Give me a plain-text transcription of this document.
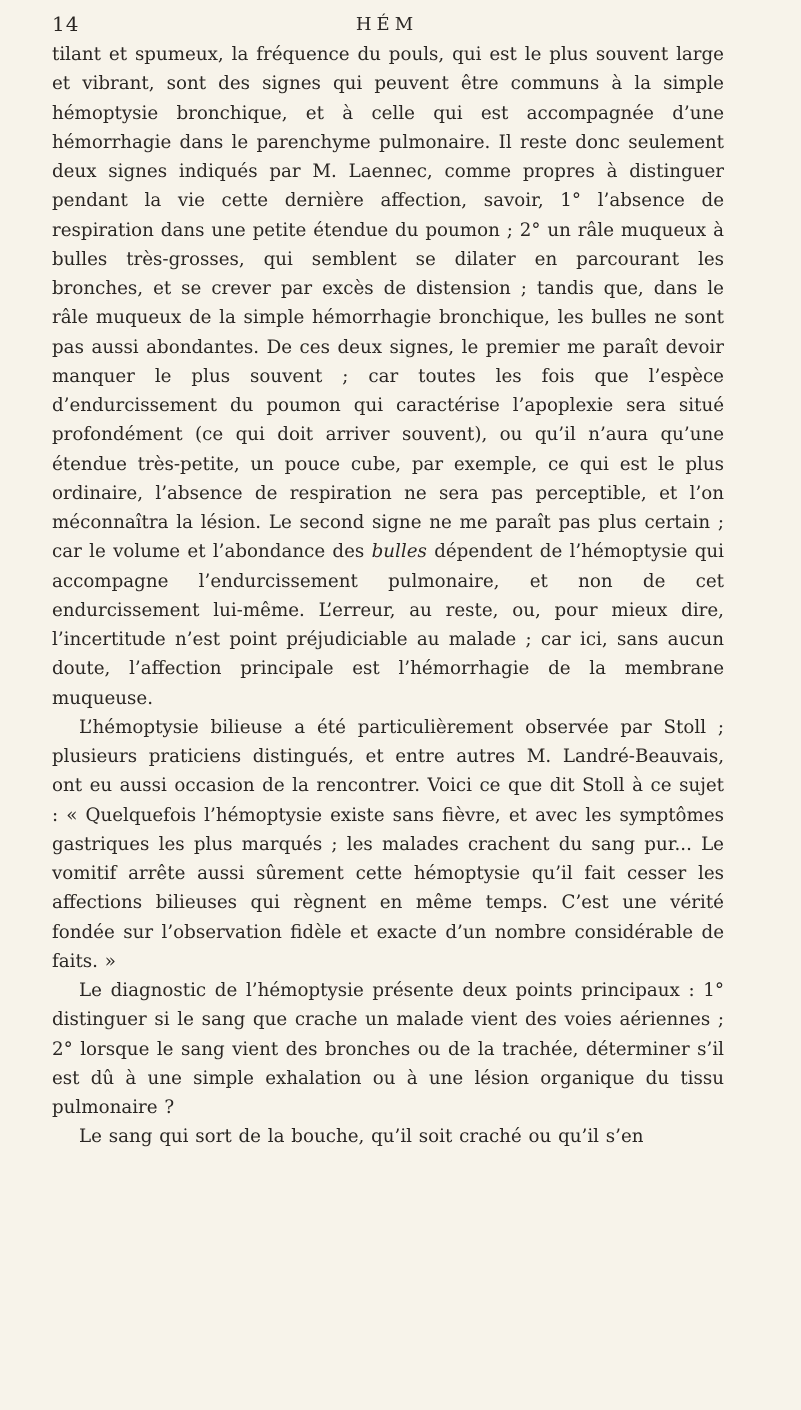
14	HÉM

tilant et spumeux, la fréquence du pouls, qui est le plus souvent large et vibrant, sont des signes qui peuvent être communs à la simple hémoptysie bronchique, et à celle qui est accompagnée d’une hémorrhagie dans le parenchyme pulmonaire. Il reste donc seulement deux signes indiqués par M. Laennec, comme propres à distinguer pendant la vie cette dernière affection, savoir, 1° l’absence de respiration dans une petite étendue du poumon ; 2° un râle muqueux à bulles très-grosses, qui semblent se dilater en parcourant les bronches, et se crever par excès de distension ; tandis que, dans le râle muqueux de la simple hémorrhagie bronchique, les bulles ne sont pas aussi abondantes. De ces deux signes, le premier me paraît devoir manquer le plus souvent ; car toutes les fois que l’espèce d’endurcissement du poumon qui caractérise l’apoplexie sera situé profondément (ce qui doit arriver souvent), ou qu’il n’aura qu’une étendue très-petite, un pouce cube, par exemple, ce qui est le plus ordinaire, l’absence de respiration ne sera pas perceptible, et l’on méconnaîtra la lésion. Le second signe ne me paraît pas plus certain ; car le volume et l’abondance des bulles dépendent de l’hémoptysie qui accompagne l’endurcissement pulmonaire, et non de cet endurcissement lui-même. L’erreur, au reste, ou, pour mieux dire, l’incertitude n’est point préjudiciable au malade ; car ici, sans aucun doute, l’affection principale est l’hémorrhagie de la membrane muqueuse.

L’hémoptysie bilieuse a été particulièrement observée par Stoll ; plusieurs praticiens distingués, et entre autres M. Landré-Beauvais, ont eu aussi occasion de la rencontrer. Voici ce que dit Stoll à ce sujet : « Quelquefois l’hémoptysie existe sans fièvre, et avec les symptômes gastriques les plus marqués ; les malades crachent du sang pur... Le vomitif arrête aussi sûrement cette hémoptysie qu’il fait cesser les affections bilieuses qui règnent en même temps. C’est une vérité fondée sur l’observation fidèle et exacte d’un nombre considérable de faits. »

Le diagnostic de l’hémoptysie présente deux points principaux : 1° distinguer si le sang que crache un malade vient des voies aériennes ; 2° lorsque le sang vient des bronches ou de la trachée, déterminer s’il est dû à une simple exhalation ou à une lésion organique du tissu pulmonaire ?

Le sang qui sort de la bouche, qu’il soit craché ou qu’il s’en
